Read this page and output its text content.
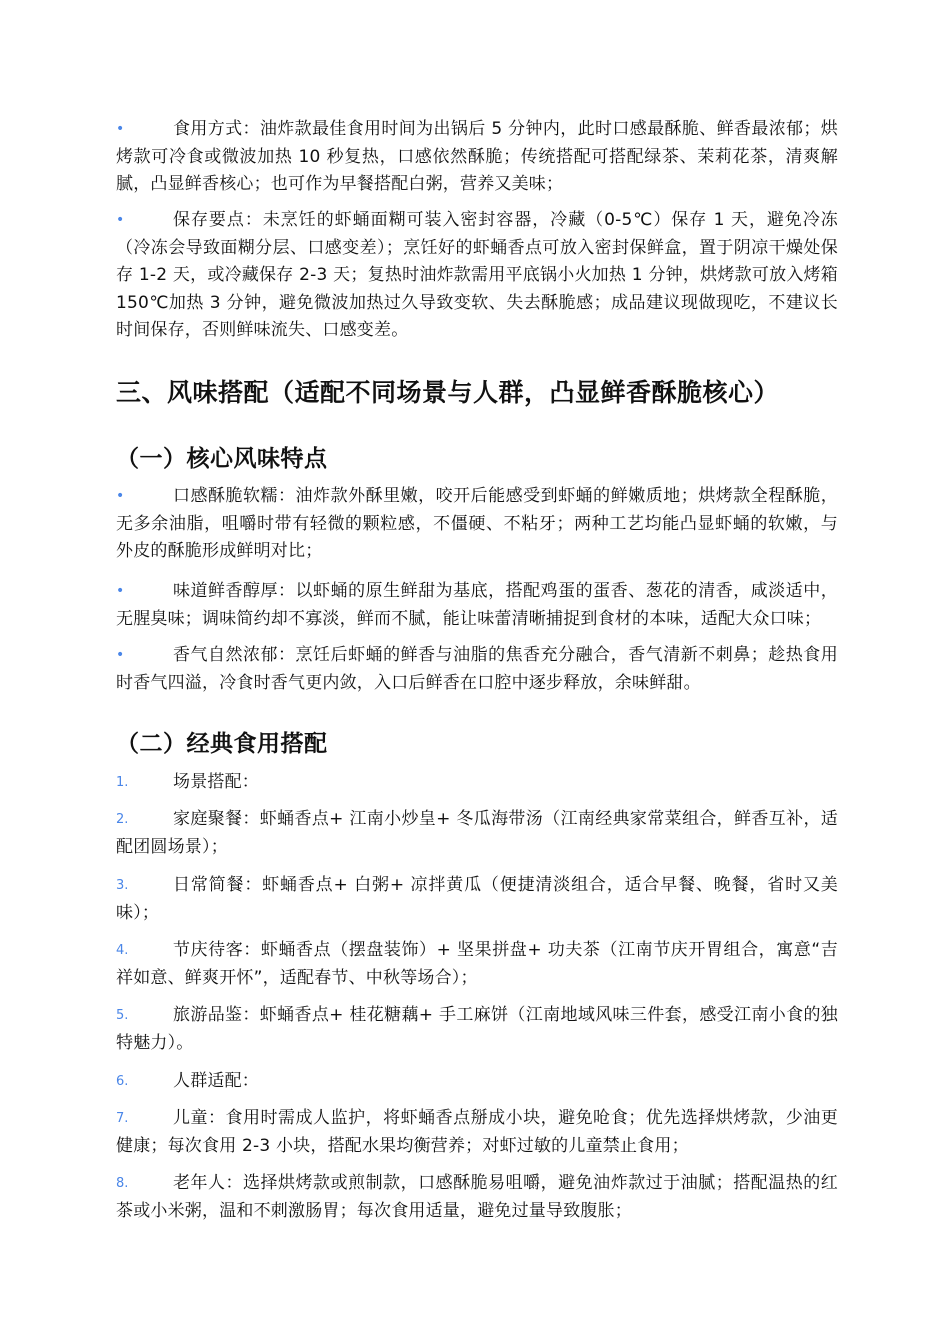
•	食用方式：油炸款最佳食用时间为出锅后 5 分钟内，此时口感最酥脆、鲜香最浓郁；烘烤款可冷食或微波加热 10 秒复热，口感依然酥脆；传统搭配可搭配绿茶、茉莉花茶，清爽解腻，凸显鲜香核心；也可作为早餐搭配白粥，营养又美味；
•	保存要点：未烹饪的虾蛹面糊可装入密封容器，冷藏（0-5℃）保存 1 天，避免冷冻（冷冻会导致面糊分层、口感变差）；烹饪好的虾蛹香点可放入密封保鲜盒，置于阴凉干燥处保存 1-2 天，或冷藏保存 2-3 天；复热时油炸款需用平底锅小火加热 1 分钟，烘烤款可放入烤箱 150℃加热 3 分钟，避免微波加热过久导致变软、失去酥脆感；成品建议现做现吃，不建议长时间保存，否则鲜味流失、口感变差。
三、风味搭配（适配不同场景与人群，凸显鲜香酥脆核心）
（一）核心风味特点
•	口感酥脆软糯：油炸款外酥里嫩，咬开后能感受到虾蛹的鲜嫩质地；烘烤款全程酥脆，无多余油脂，咀嚼时带有轻微的颗粒感，不僵硬、不粘牙；两种工艺均能凸显虾蛹的软嫩，与外皮的酥脆形成鲜明对比；
•	味道鲜香醇厚：以虾蛹的原生鲜甜为基底，搭配鸡蛋的蛋香、葱花的清香，咸淡适中，无腥臭味；调味简约却不寡淡，鲜而不腻，能让味蕾清晰捕捉到食材的本味，适配大众口味；
•	香气自然浓郁：烹饪后虾蛹的鲜香与油脂的焦香充分融合，香气清新不刺鼻；趁热食用时香气四溢，冷食时香气更内敛，入口后鲜香在口腔中逐步释放，余味鲜甜。
（二）经典食用搭配
1.	场景搭配：
2.	家庭聚餐：虾蛹香点+ 江南小炒皇+ 冬瓜海带汤（江南经典家常菜组合，鲜香互补，适配团圆场景）；
3.	日常简餐：虾蛹香点+ 白粥+ 凉拌黄瓜（便捷清淡组合，适合早餐、晚餐，省时又美味）；
4.	节庆待客：虾蛹香点（摆盘装饰）+ 坚果拼盘+ 功夫茶（江南节庆开胃组合，寓意“吉祥如意、鲜爽开怀”，适配春节、中秋等场合）；
5.	旅游品鉴：虾蛹香点+ 桂花糖藕+ 手工麻饼（江南地域风味三件套，感受江南小食的独特魅力）。
6.	人群适配：
7.	儿童：食用时需成人监护，将虾蛹香点掰成小块，避免呛食；优先选择烘烤款，少油更健康；每次食用 2-3 小块，搭配水果均衡营养；对虾过敏的儿童禁止食用；
8.	老年人：选择烘烤款或煎制款，口感酥脆易咀嚼，避免油炸款过于油腻；搭配温热的红茶或小米粥，温和不刺激肠胃；每次食用适量，避免过量导致腹胀；
